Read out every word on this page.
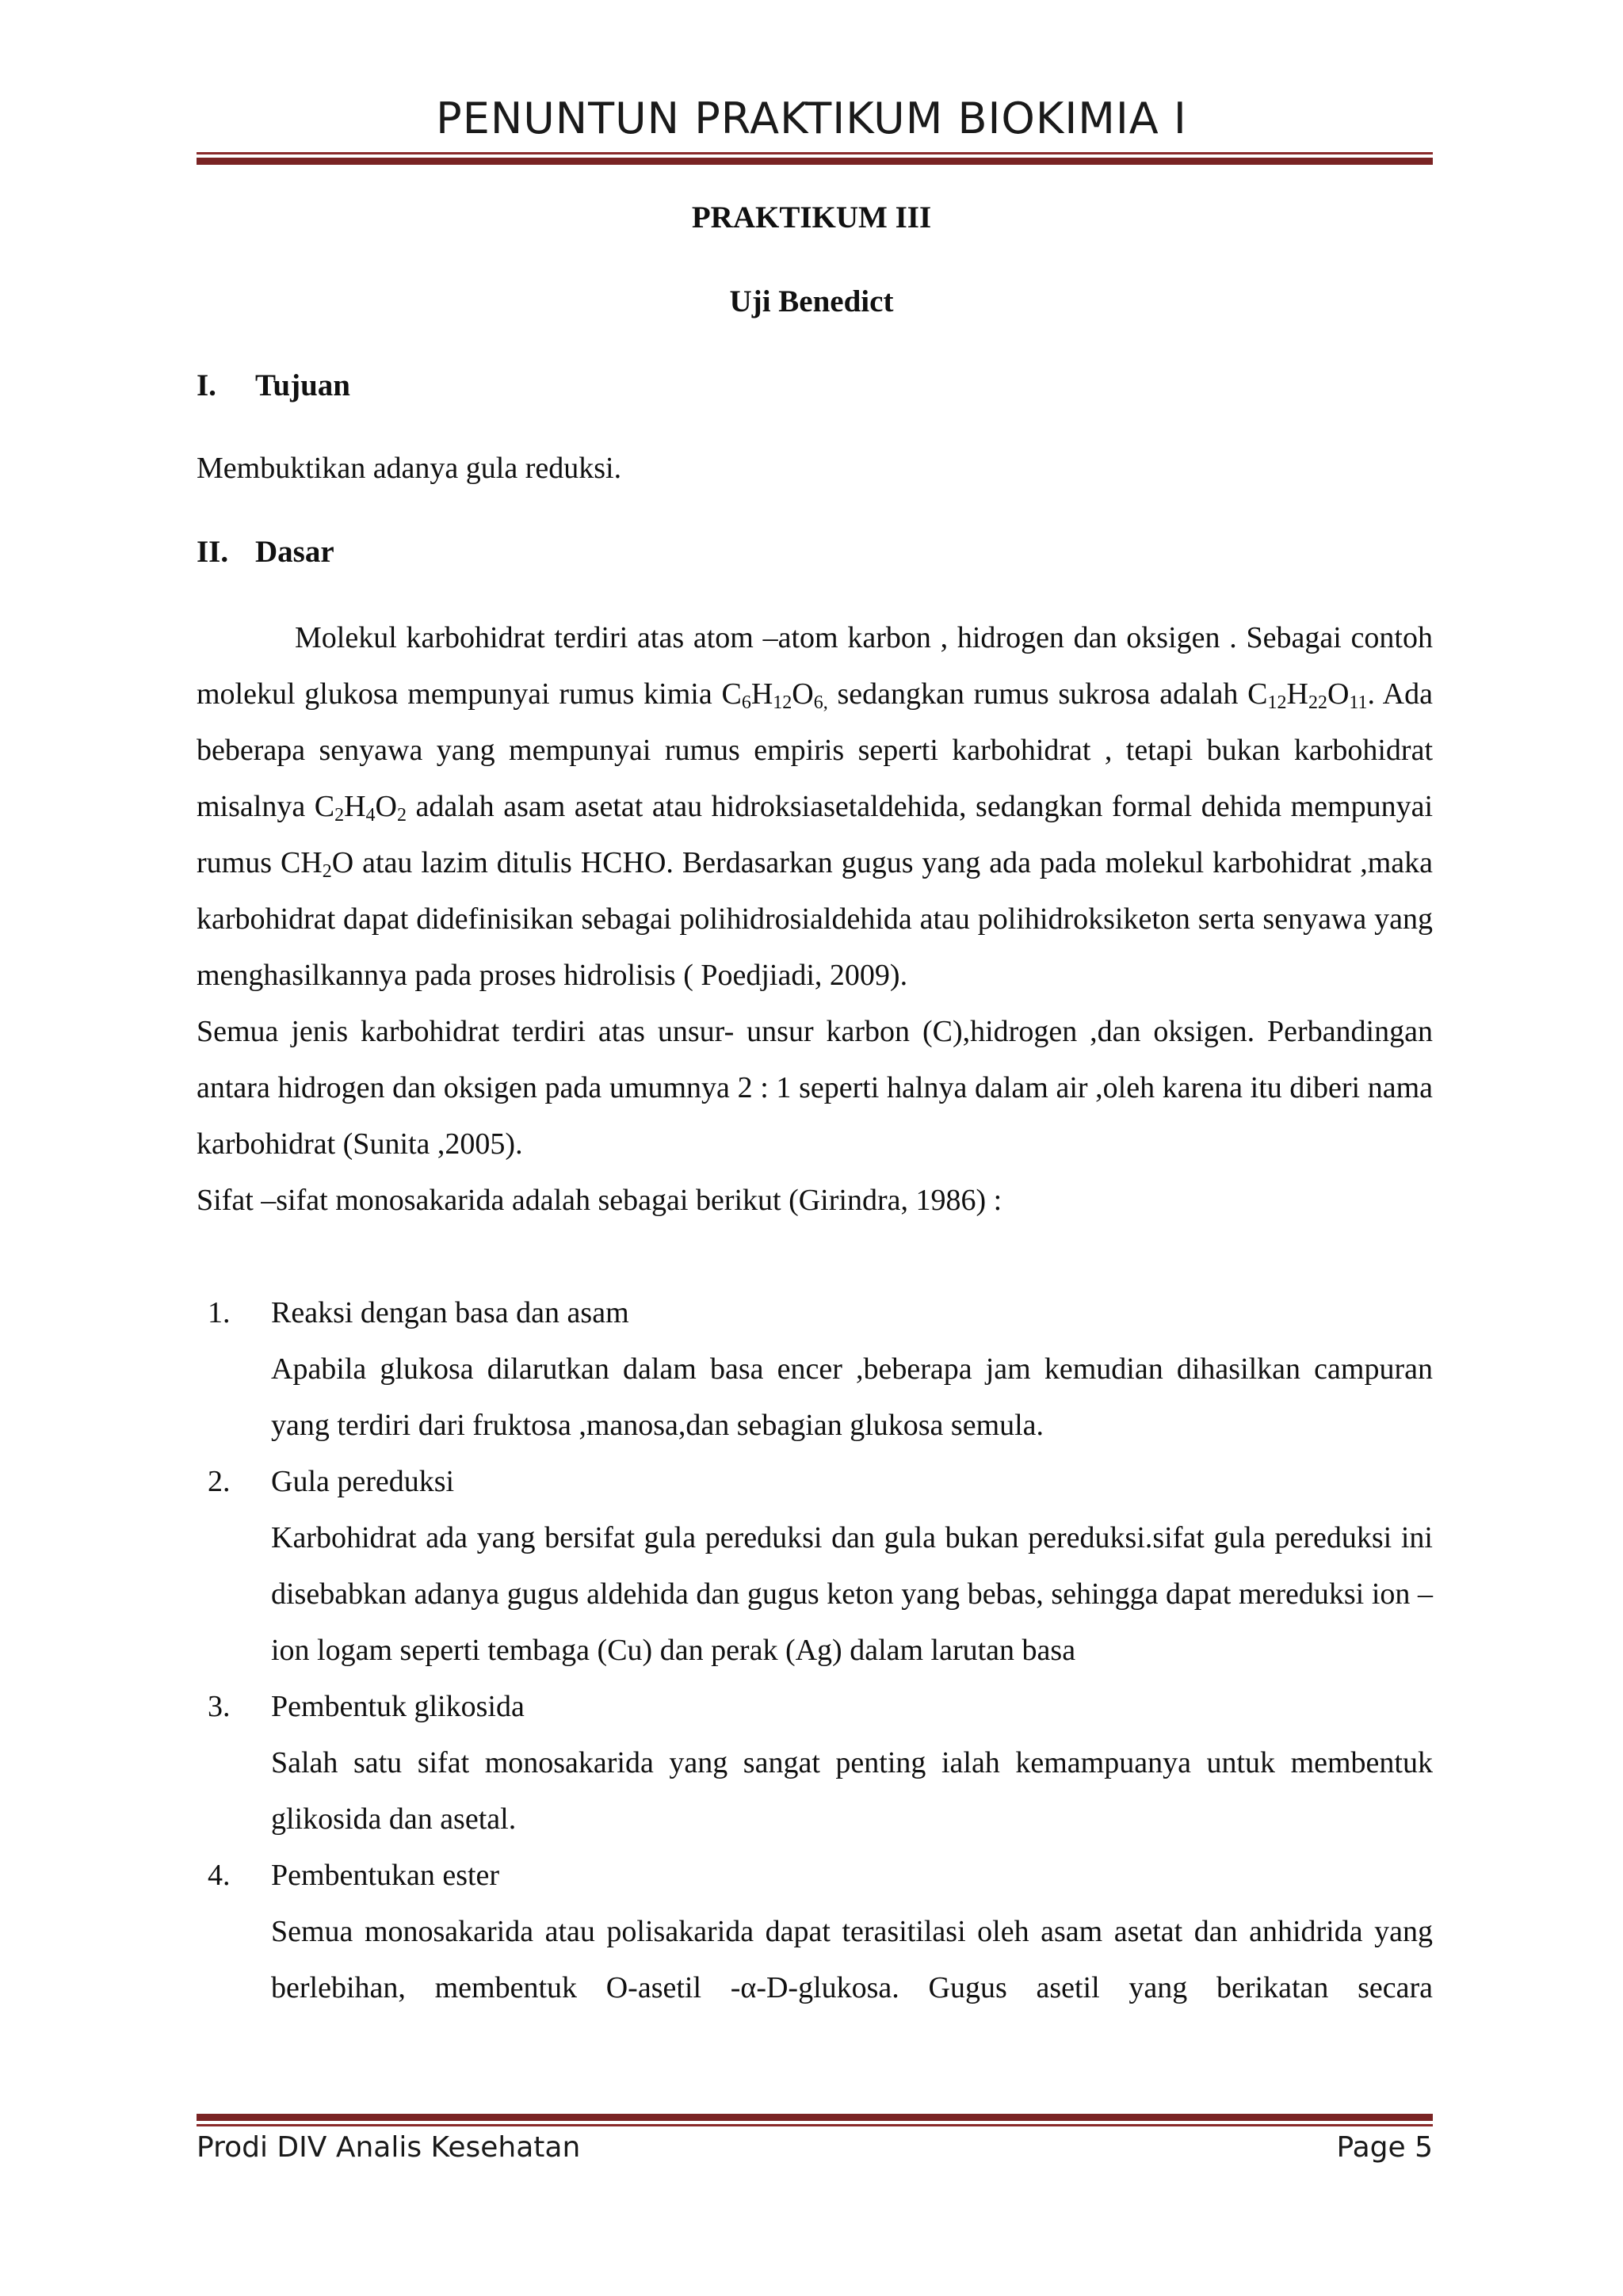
PENUNTUN PRAKTIKUM BIOKIMIA I
PRAKTIKUM III
Uji Benedict
I. Tujuan
Membuktikan adanya gula reduksi.
II. Dasar

Molekul karbohidrat terdiri atas atom –atom karbon , hidrogen dan oksigen . Sebagai contoh molekul glukosa mempunyai rumus kimia $C_6H_{12}O_{6,}$ sedangkan rumus sukrosa adalah $C_{12}H_{22}O_{11}$. Ada beberapa senyawa yang mempunyai rumus empiris seperti karbohidrat , tetapi bukan karbohidrat misalnya $C_2H_4O_2$ adalah asam asetat atau hidroksiasetaldehida, sedangkan formal dehida mempunyai rumus $CH_2O$ atau lazim ditulis HCHO. Berdasarkan gugus yang ada pada molekul karbohidrat ,maka karbohidrat dapat didefinisikan sebagai polihidrosialdehida atau polihidroksiketon serta senyawa yang menghasilkannya pada proses hidrolisis ( Poedjiadi, 2009).

Semua jenis karbohidrat terdiri atas unsur- unsur karbon (C),hidrogen ,dan oksigen. Perbandingan antara hidrogen dan oksigen pada umumnya 2 : 1 seperti halnya dalam air ,oleh karena itu diberi nama karbohidrat (Sunita ,2005).

Sifat –sifat monosakarida adalah sebagai berikut (Girindra, 1986) :

1. Reaksi dengan basa dan asam

Apabila glukosa dilarutkan dalam basa encer ,beberapa jam kemudian dihasilkan campuran yang terdiri dari fruktosa ,manosa,dan sebagian glukosa semula.

2. Gula pereduksi

Karbohidrat ada yang bersifat gula pereduksi dan gula bukan pereduksi.sifat gula pereduksi ini disebabkan adanya gugus aldehida dan gugus keton yang bebas, sehingga dapat mereduksi ion – ion logam seperti tembaga (Cu) dan perak (Ag) dalam larutan basa

3. Pembentuk glikosida

Salah satu sifat monosakarida yang sangat penting ialah kemampuanya untuk membentuk glikosida dan asetal.

4. Pembentukan ester

Semua monosakarida atau polisakarida dapat terasitilasi oleh asam asetat dan anhidrida yang berlebihan, membentuk O-asetil -α-D-glukosa. Gugus asetil yang berikatan secara

Prodi DIV Analis Kesehatan	Page 5
